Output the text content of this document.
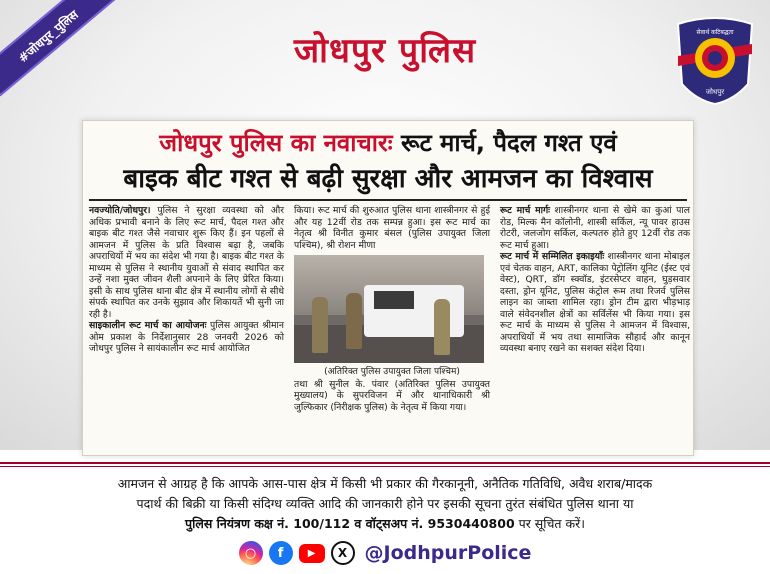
#जोधपुर_पुलिस	जोधपुर पुलिस	सेवार्थ कटिबद्धता
जोधपुर
जोधपुर पुलिस का नवाचारः रूट मार्च, पैदल गश्त एवं
बाइक बीट गश्त से बढ़ी सुरक्षा और आमजन का विश्वास
नवज्योति/जोधपुर। पुलिस ने सुरक्षा व्यवस्था को और अधिक प्रभावी बनाने के लिए रूट मार्च, पैदल गश्त और बाइक बीट गश्त जैसे नवाचार शुरू किए हैं। इन पहलों से आमजन में पुलिस के प्रति विश्वास बढ़ा है, जबकि अपराधियों में भय का संदेश भी गया है। बाइक बीट गश्त के माध्यम से पुलिस ने स्थानीय युवाओं से संवाद स्थापित कर उन्हें नशा मुक्त जीवन शैली अपनाने के लिए प्रेरित किया। इसी के साथ पुलिस थाना बीट क्षेत्र में स्थानीय लोगों से सीधे संपर्क स्थापित कर उनके सुझाव और शिकायतें भी सुनी जा रही है।
साइकालीन रूट मार्च का आयोजनः पुलिस आयुक्त श्रीमान ओम प्रकाश के निर्देशानुसार 28 जनवरी 2026 को जोधपुर पुलिस ने सायंकालीन रूट मार्च आयोजित
किया। रूट मार्च की शुरुआत पुलिस थाना शास्त्रीनगर से हुई और यह 12वीं रोड तक सम्पन्न हुआ। इस रूट मार्च का नेतृत्व श्री विनीत कुमार बंसल (पुलिस उपायुक्त जिला पश्चिम), श्री रोशन मीणा
(अतिरिक्त पुलिस उपायुक्त जिला पश्चिम)
तथा श्री सुनील के. पंवार (अतिरिक्त पुलिस उपायुक्त मुख्यालय) के सुपरविजन में और थानाधिकारी श्री जुल्फिकार (निरीक्षक पुलिस) के नेतृत्व में किया गया।
रूट मार्च मार्गः शास्त्रीनगर थाना से खेमे का कुआं पाल रोड, मिल्क मैन कॉलोनी, शास्त्री सर्किल, न्यू पावर हाउस रोटरी, जलजोग सर्किल, कल्पतरु होते हुए 12वीं रोड तक रूट मार्च हुआ।
रूट मार्च में सम्मिलित इकाइयाँः शास्त्रीनगर थाना मोबाइल एवं चेतक वाहन, ART, कालिका पेट्रोलिंग यूनिट (ईस्ट एवं वेस्ट), QRT, डॉग स्क्वॉड, इंटरसेप्टर वाहन, घुड़सवार दस्ता, ड्रोन यूनिट, पुलिस कंट्रोल रूम तथा रिजर्व पुलिस लाइन का जाब्ता शामिल रहा। ड्रोन टीम द्वारा भीड़भाड़ वाले संवेदनशील क्षेत्रों का सर्विलेंस भी किया गया। इस रूट मार्च के माध्यम से पुलिस ने आमजन में विश्वास, अपराधियों में भय तथा सामाजिक सौहार्द और कानून व्यवस्था बनाए रखने का सशक्त संदेश दिया।
आमजन से आग्रह है कि आपके आस-पास क्षेत्र में किसी भी प्रकार की गैरकानूनी, अनैतिक गतिविधि, अवैध शराब/मादक
पदार्थ की बिक्री या किसी संदिग्ध व्यक्ति आदि की जानकारी होने पर इसकी सूचना तुरंत संबंधित पुलिस थाना या
पुलिस नियंत्रण कक्ष नं. 100/112 व वॉट्सअप नं. 9530440800 पर सूचित करें।
○	f	▶	X @JodhpurPolice
